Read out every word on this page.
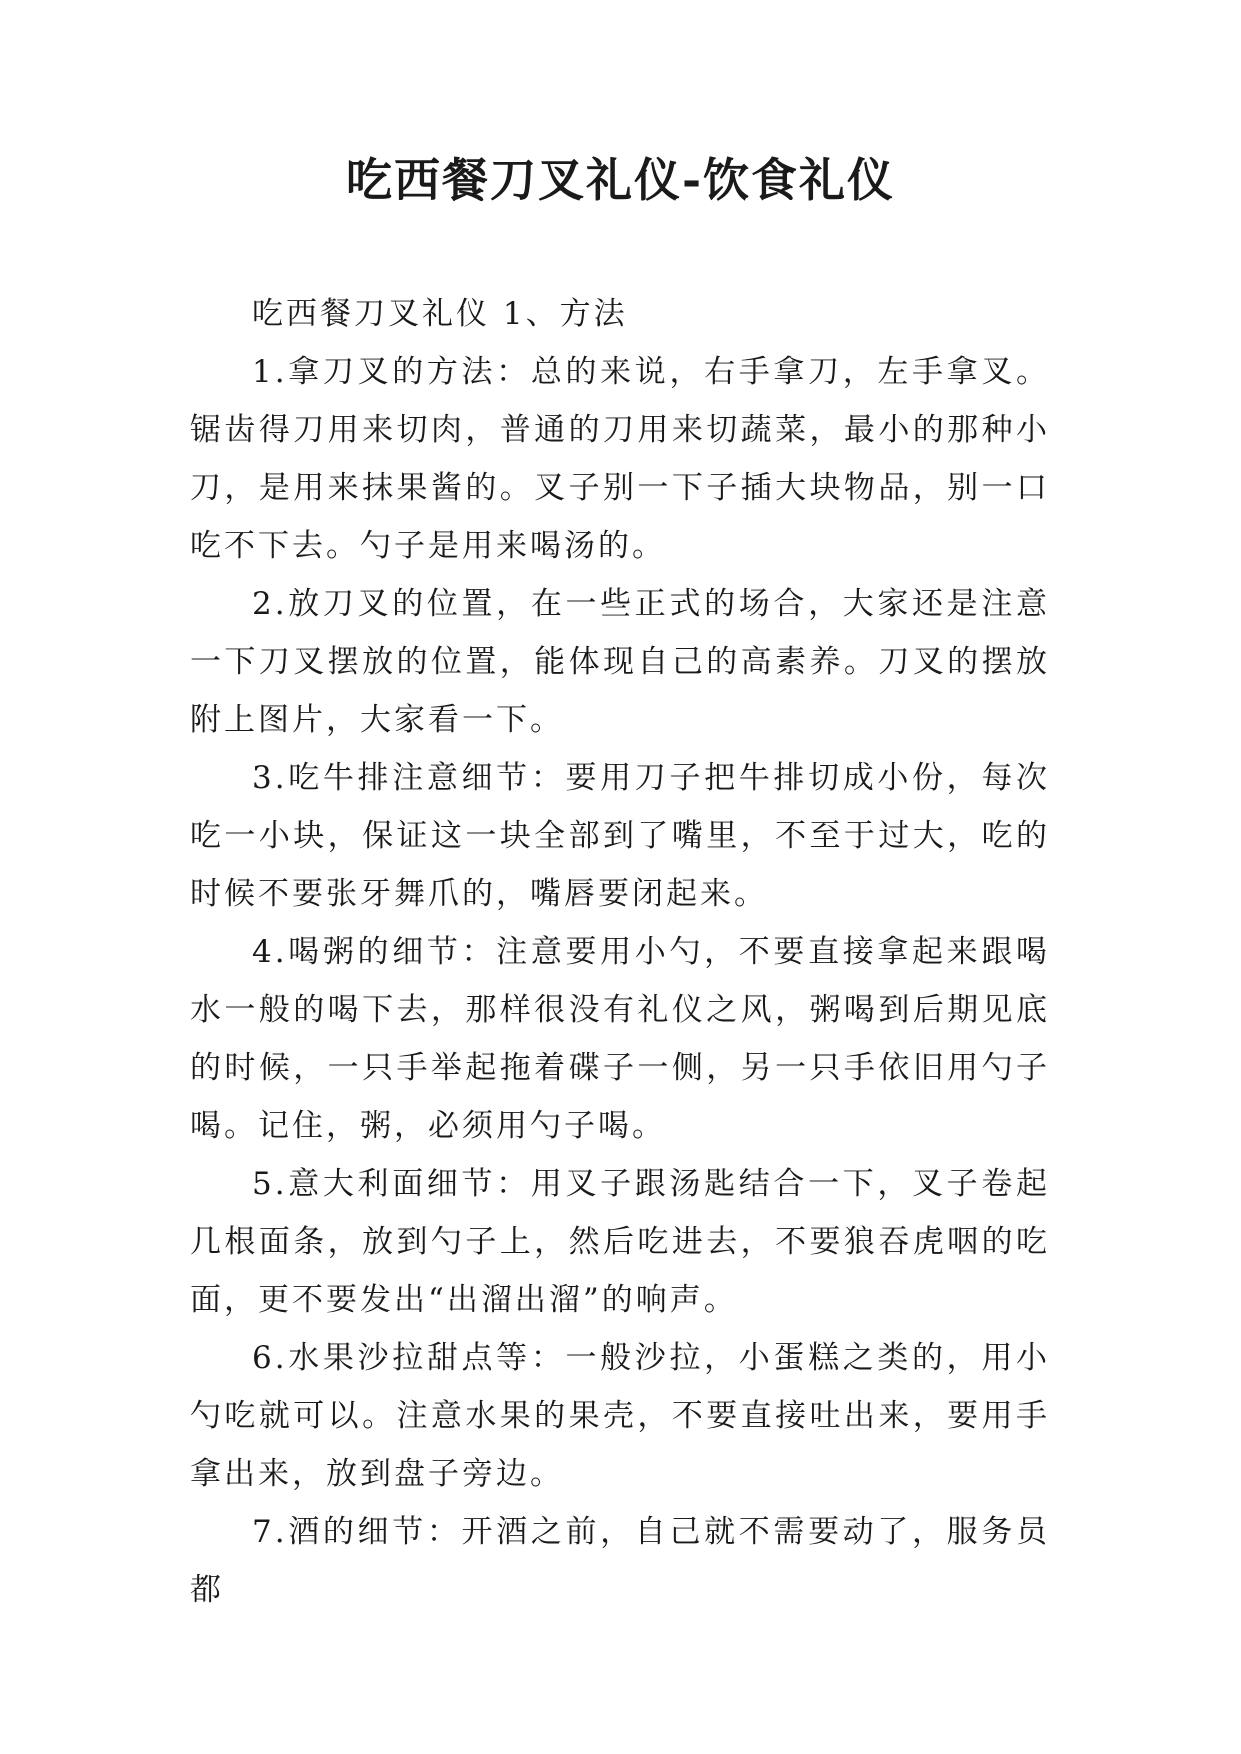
吃西餐刀叉礼仪-饮食礼仪

吃西餐刀叉礼仪 1、方法

1.拿刀叉的方法：总的来说，右手拿刀，左手拿叉。锯齿得刀用来切肉，普通的刀用来切蔬菜，最小的那种小刀，是用来抹果酱的。叉子别一下子插大块物品，别一口吃不下去。勺子是用来喝汤的。

2.放刀叉的位置，在一些正式的场合，大家还是注意一下刀叉摆放的位置，能体现自己的高素养。刀叉的摆放附上图片，大家看一下。

3.吃牛排注意细节：要用刀子把牛排切成小份，每次吃一小块，保证这一块全部到了嘴里，不至于过大，吃的时候不要张牙舞爪的，嘴唇要闭起来。

4.喝粥的细节：注意要用小勺，不要直接拿起来跟喝水一般的喝下去，那样很没有礼仪之风，粥喝到后期见底的时候，一只手举起拖着碟子一侧，另一只手依旧用勺子喝。记住，粥，必须用勺子喝。

5.意大利面细节：用叉子跟汤匙结合一下，叉子卷起几根面条，放到勺子上，然后吃进去，不要狼吞虎咽的吃面，更不要发出“出溜出溜”的响声。

6.水果沙拉甜点等：一般沙拉，小蛋糕之类的，用小勺吃就可以。注意水果的果壳，不要直接吐出来，要用手拿出来，放到盘子旁边。

7.酒的细节：开酒之前，自己就不需要动了，服务员都
